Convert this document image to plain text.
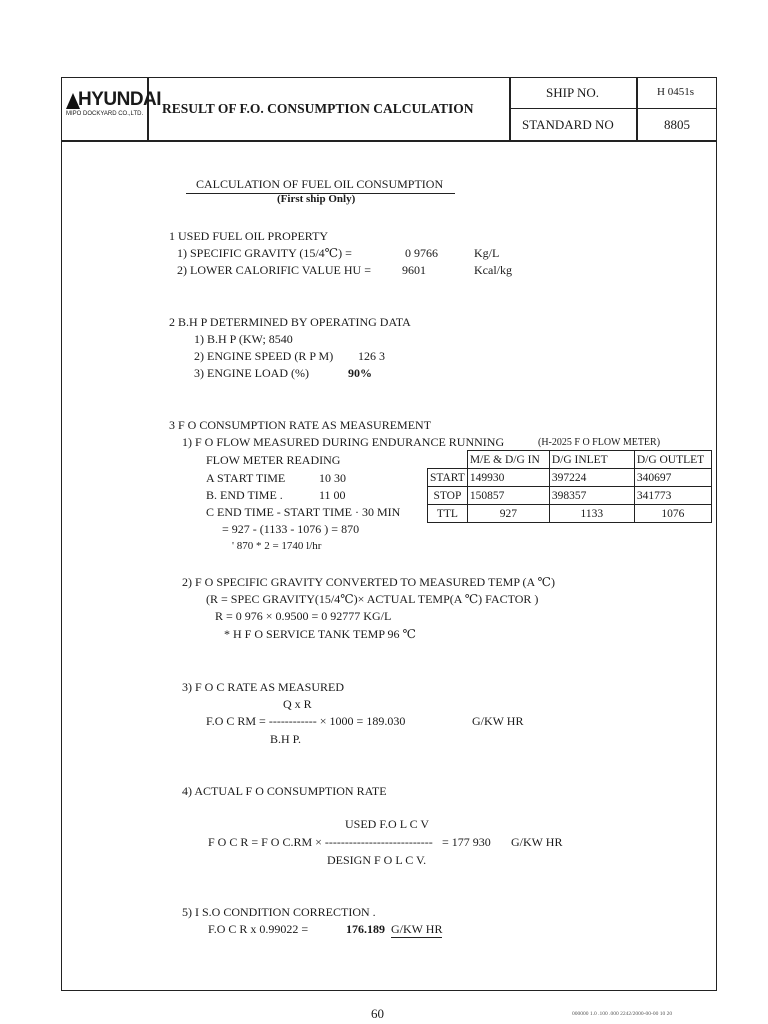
HYUNDAI
MIPO DOCKYARD CO.,LTD. RESULT OF F.O. CONSUMPTION CALCULATION
SHIP NO.	H 0451s
STANDARD NO	8805
CALCULATION OF FUEL OIL CONSUMPTION
(First ship Only)
1 USED FUEL OIL PROPERTY
1) SPECIFIC GRAVITY (15/4℃) =	0 9766	Kg/L
2) LOWER CALORIFIC VALUE HU =	9601	Kcal/kg
2 B.H P DETERMINED BY OPERATING DATA
1) B.H P (KW; 8540
2) ENGINE SPEED (R P M) 126 3
3) ENGINE LOAD (%)	90%
3 F O CONSUMPTION RATE AS MEASUREMENT
1) F O FLOW MEASURED DURING ENDURANCE RUNNING	(H-2025 F O FLOW METER)
FLOW METER READING
A START TIME	10 30
B. END TIME .	11 00
C END TIME - START TIME · 30 MIN
= 927 - (1133 - 1076 ) = 870
' 870 * 2 = 1740 l/hr
	M/E & D/G IN	D/G INLET	D/G OUTLET
START	149930	397224	340697
STOP	150857	398357	341773
TTL	927	1133	1076
2) F O SPECIFIC GRAVITY CONVERTED TO MEASURED TEMP (A ℃)
(R = SPEC GRAVITY(15/4℃)× ACTUAL TEMP(A ℃) FACTOR )
R = 0 976 × 0.9500 = 0 92777 KG/L
* H F O SERVICE TANK TEMP 96 ℃
3) F O C RATE AS MEASURED
Q x R
F.O C RM = ------------ × 1000 = 189.030	G/KW HR
B.H P.
4) ACTUAL F O CONSUMPTION RATE
USED F.O L C V
F O C R = F O C.RM × --------------------------- = 177 930 G/KW HR
DESIGN F O L C V.
5) I S.O CONDITION CORRECTION .
F.O C R x 0.99022 =	176.189 G/KW HR
60	000000 1.0 .100 .000 2242/2000-00-00 10 20
